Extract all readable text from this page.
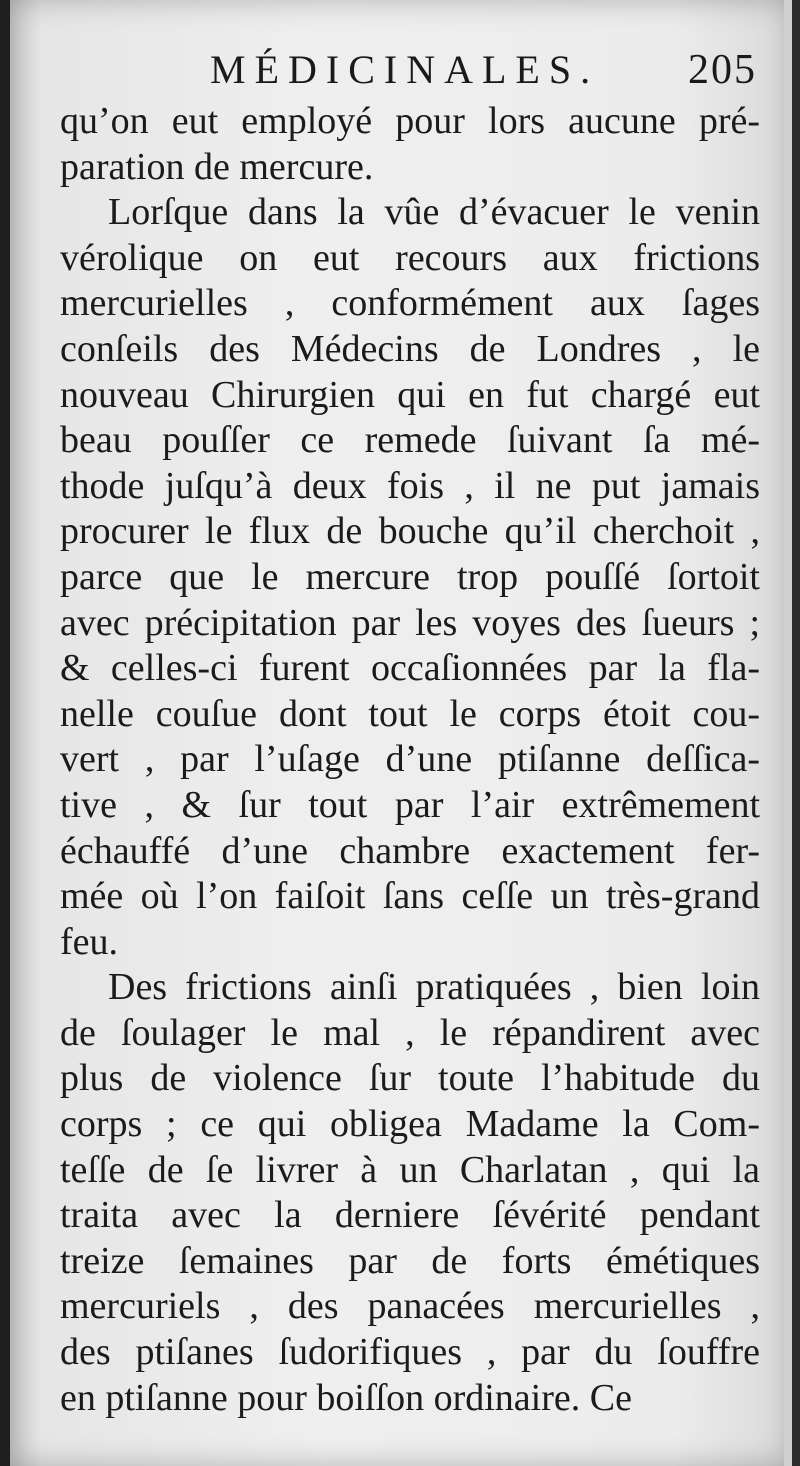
MÉDICINALES. 205
qu’on eut employé pour lors aucune pré-
paration de mercure.
Lorſque dans la vûe d’évacuer le venin
vérolique on eut recours aux frictions
mercurielles , conformément aux ſages
conſeils des Médecins de Londres , le
nouveau Chirurgien qui en fut chargé eut
beau pouſſer ce remede ſuivant ſa mé-
thode juſqu’à deux fois , il ne put jamais
procurer le flux de bouche qu’il cherchoit ,
parce que le mercure trop pouſſé ſortoit
avec précipitation par les voyes des ſueurs ;
& celles-ci furent occaſionnées par la fla-
nelle couſue dont tout le corps étoit cou-
vert , par l’uſage d’une ptiſanne deſſica-
tive , & ſur tout par l’air extrêmement
échauffé d’une chambre exactement fer-
mée où l’on faiſoit ſans ceſſe un très-grand
feu.
Des frictions ainſi pratiquées , bien loin
de ſoulager le mal , le répandirent avec
plus de violence ſur toute l’habitude du
corps ; ce qui obligea Madame la Com-
teſſe de ſe livrer à un Charlatan , qui la
traita avec la derniere ſévérité pendant
treize ſemaines par de forts émétiques
mercuriels , des panacées mercurielles ,
des ptiſanes ſudorifiques , par du ſouffre
en ptiſanne pour boiſſon ordinaire. Ce
